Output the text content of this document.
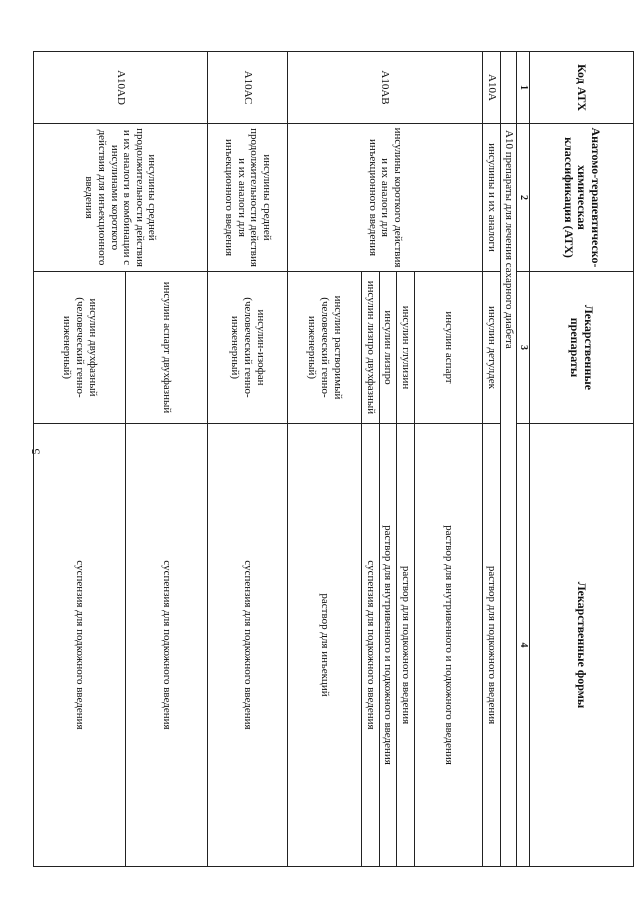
5
Код АТХ	Анатомо-терапевтическо-химическая классификация (АТХ)	Лекарственные препараты	Лекарственные формы
1	2	3	4
	А10 препараты для лечения сахарного диабета		
А10А	инсулины и их аналоги	инсулин детулдек	раствор для подкожного введения
А10АВ	инсулины короткого действия и их аналоги для инъекционного введения	инсулин аспарт	раствор для внутривенного и подкожного введения
		инсулин глулизин	раствор для подкожного введения
		инсулин лизпро	раствор для внутривенного и подкожного введения
		инсулин лизпро двухфазный	суспензия для подкожного введения
		инсулин растворимый (человеческий генно-инженерный)	раствор для инъекций
А10АС	инсулины средней продолжительности действия и их аналоги для инъекционного введения	инсулин-изофан (человеческий генно-инженерный)	суспензия для подкожного введения
А10АD	инсулины средней продолжительности действия и их аналоги в комбинации с инсулинами короткого действия для инъекционного введения	инсулин аспарт двухфазный	суспензия для подкожного введения
		инсулин двухфазный (человеческий генно-инженерный)	суспензия для подкожного введения
